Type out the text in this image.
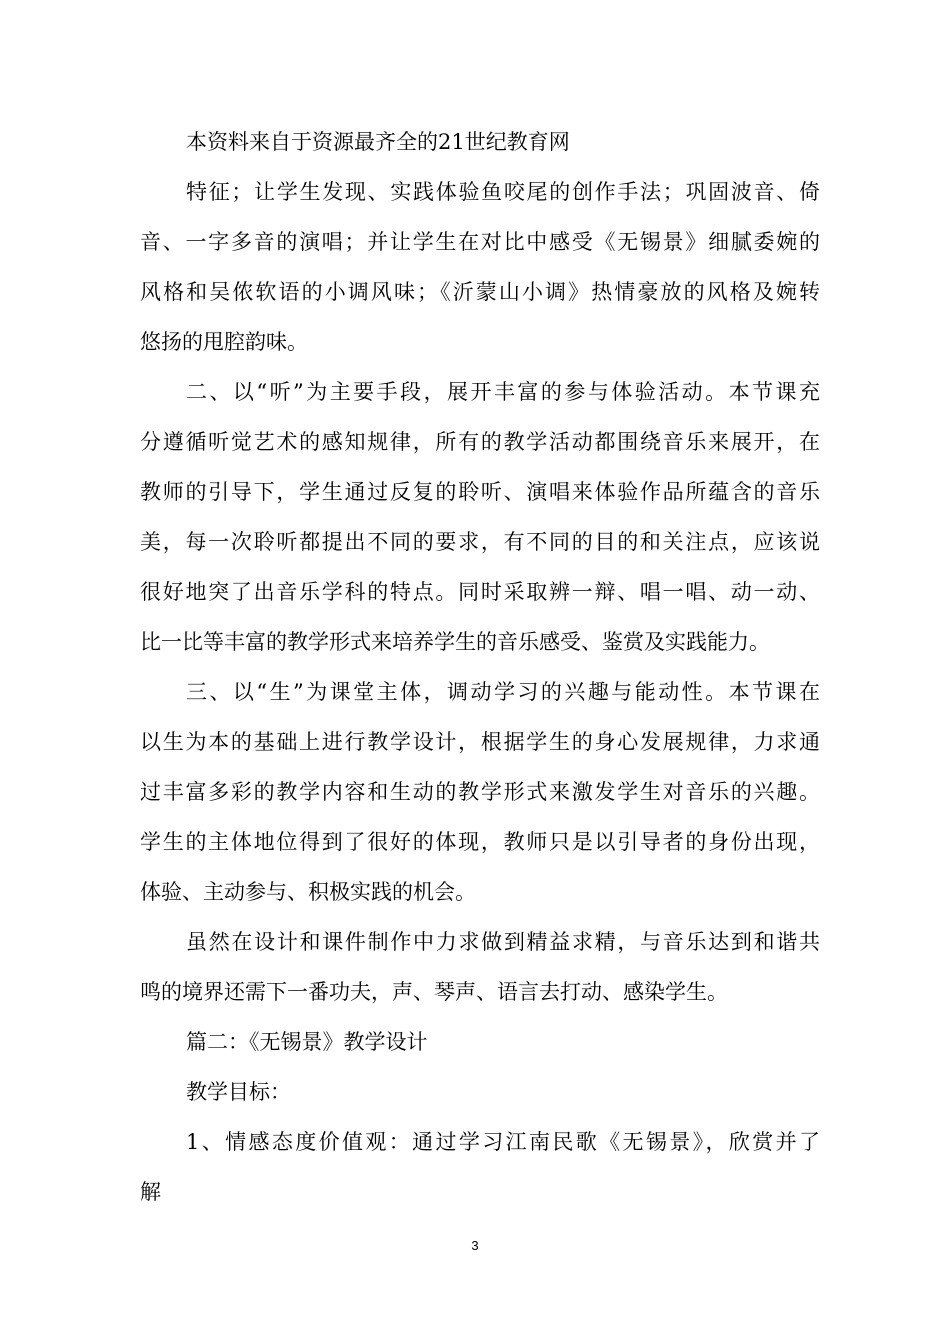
本资料来自于资源最齐全的21世纪教育网
特征；让学生发现、实践体验鱼咬尾的创作手法；巩固波音、倚
音、一字多音的演唱；并让学生在对比中感受《无锡景》细腻委婉的
风格和吴侬软语的小调风味；《沂蒙山小调》热情豪放的风格及婉转
悠扬的甩腔韵味。
二、以“听”为主要手段，展开丰富的参与体验活动。本节课充
分遵循听觉艺术的感知规律，所有的教学活动都围绕音乐来展开，在
教师的引导下，学生通过反复的聆听、演唱来体验作品所蕴含的音乐
美，每一次聆听都提出不同的要求，有不同的目的和关注点，应该说
很好地突了出音乐学科的特点。同时采取辨一辩、唱一唱、动一动、
比一比等丰富的教学形式来培养学生的音乐感受、鉴赏及实践能力。
三、以“生”为课堂主体，调动学习的兴趣与能动性。本节课在
以生为本的基础上进行教学设计，根据学生的身心发展规律，力求通
过丰富多彩的教学内容和生动的教学形式来激发学生对音乐的兴趣。
学生的主体地位得到了很好的体现，教师只是以引导者的身份出现，
体验、主动参与、积极实践的机会。
虽然在设计和课件制作中力求做到精益求精，与音乐达到和谐共
鸣的境界还需下一番功夫，声、琴声、语言去打动、感染学生。
篇二：《无锡景》教学设计
教学目标：
1、情感态度价值观：通过学习江南民歌《无锡景》，欣赏并了
解
3
